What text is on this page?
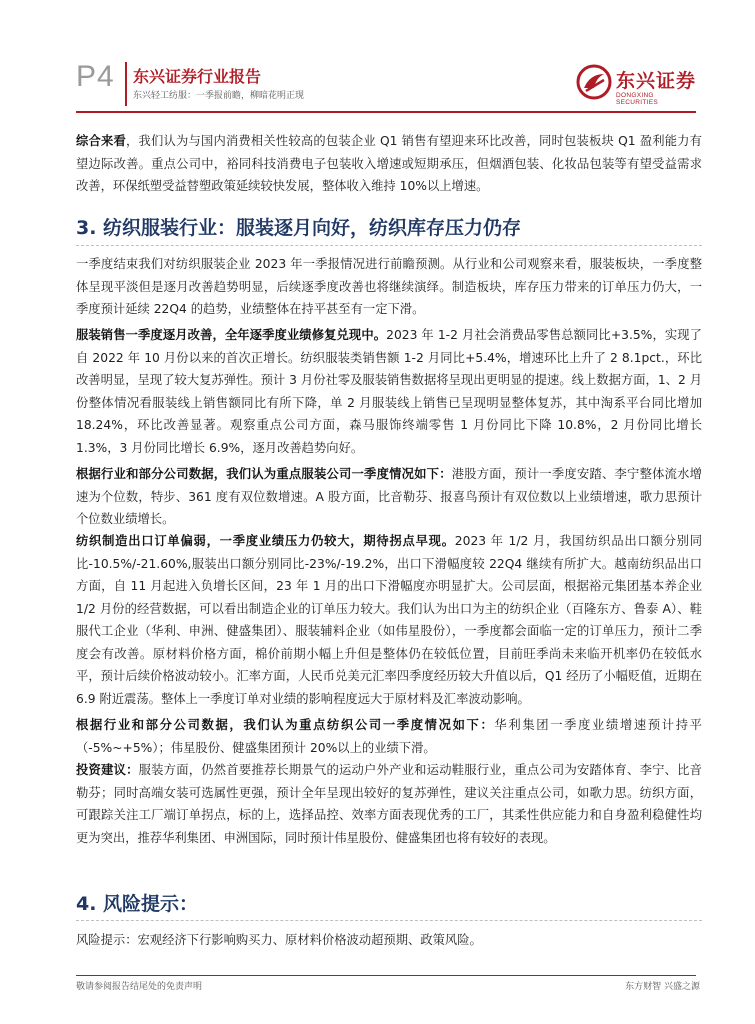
P4 东兴证券行业报告
东兴轻工纺服：一季报前瞻，柳暗花明正现
东兴证券
DONGXING SECURITIES

综合来看，我们认为与国内消费相关性较高的包装企业 Q1 销售有望迎来环比改善，同时包装板块 Q1 盈利能力有望边际改善。重点公司中，裕同科技消费电子包装收入增速或短期承压，但烟酒包装、化妆品包装等有望受益需求改善，环保纸塑受益替塑政策延续较快发展，整体收入维持 10%以上增速。

3. 纺织服装行业：服装逐月向好，纺织库存压力仍存

一季度结束我们对纺织服装企业 2023 年一季报情况进行前瞻预测。从行业和公司观察来看，服装板块，一季度整体呈现平淡但是逐月改善趋势明显，后续逐季度改善也将继续演绎。制造板块，库存压力带来的订单压力仍大，一季度预计延续 22Q4 的趋势，业绩整体在持平甚至有一定下滑。

服装销售一季度逐月改善，全年逐季度业绩修复兑现中。2023 年 1-2 月社会消费品零售总额同比+3.5%，实现了自 2022 年 10 月份以来的首次正增长。纺织服装类销售额 1-2 月同比+5.4%，增速环比上升了 2 8.1pct.，环比改善明显，呈现了较大复苏弹性。预计 3 月份社零及服装销售数据将呈现出更明显的提速。线上数据方面，1、2 月份整体情况看服装线上销售额同比有所下降，单 2 月服装线上销售已呈现明显整体复苏，其中淘系平台同比增加 18.24%，环比改善显著。观察重点公司方面，森马服饰终端零售 1 月份同比下降 10.8%，2 月份同比增长 1.3%，3 月份同比增长 6.9%，逐月改善趋势向好。

根据行业和部分公司数据，我们认为重点服装公司一季度情况如下：港股方面，预计一季度安踏、李宁整体流水增速为个位数，特步、361 度有双位数增速。A 股方面，比音勒芬、报喜鸟预计有双位数以上业绩增速，歌力思预计个位数业绩增长。

纺织制造出口订单偏弱，一季度业绩压力仍较大，期待拐点早现。2023 年 1/2 月，我国纺织品出口额分别同比-10.5%/-21.60%,服装出口额分别同比-23%/-19.2%，出口下滑幅度较 22Q4 继续有所扩大。越南纺织品出口方面，自 11 月起进入负增长区间，23 年 1 月的出口下滑幅度亦明显扩大。公司层面，根据裕元集团基本养企业 1/2 月份的经营数据，可以看出制造企业的订单压力较大。我们认为出口为主的纺织企业（百隆东方、鲁泰 A）、鞋服代工企业（华利、申洲、健盛集团）、服装辅料企业（如伟星股份），一季度都会面临一定的订单压力，预计二季度会有改善。原材料价格方面，棉价前期小幅上升但是整体仍在较低位置，目前旺季尚未来临开机率仍在较低水平，预计后续价格波动较小。汇率方面，人民币兑美元汇率四季度经历较大升值以后，Q1 经历了小幅贬值，近期在 6.9 附近震荡。整体上一季度订单对业绩的影响程度远大于原材料及汇率波动影响。

根据行业和部分公司数据，我们认为重点纺织公司一季度情况如下：华利集团一季度业绩增速预计持平（-5%~+5%）；伟星股份、健盛集团预计 20%以上的业绩下滑。

投资建议：服装方面，仍然首要推荐长期景气的运动户外产业和运动鞋服行业，重点公司为安踏体育、李宁、比音勒芬；同时高端女装可选属性更强，预计全年呈现出较好的复苏弹性，建议关注重点公司，如歌力思。纺织方面，可跟踪关注工厂端订单拐点，标的上，选择品控、效率方面表现优秀的工厂，其柔性供应能力和自身盈利稳健性均更为突出，推荐华利集团、申洲国际，同时预计伟星股份、健盛集团也将有较好的表现。

4. 风险提示：

风险提示：宏观经济下行影响购买力、原材料价格波动超预期、政策风险。

敬请参阅报告结尾处的免责声明	东方财智 兴盛之源
